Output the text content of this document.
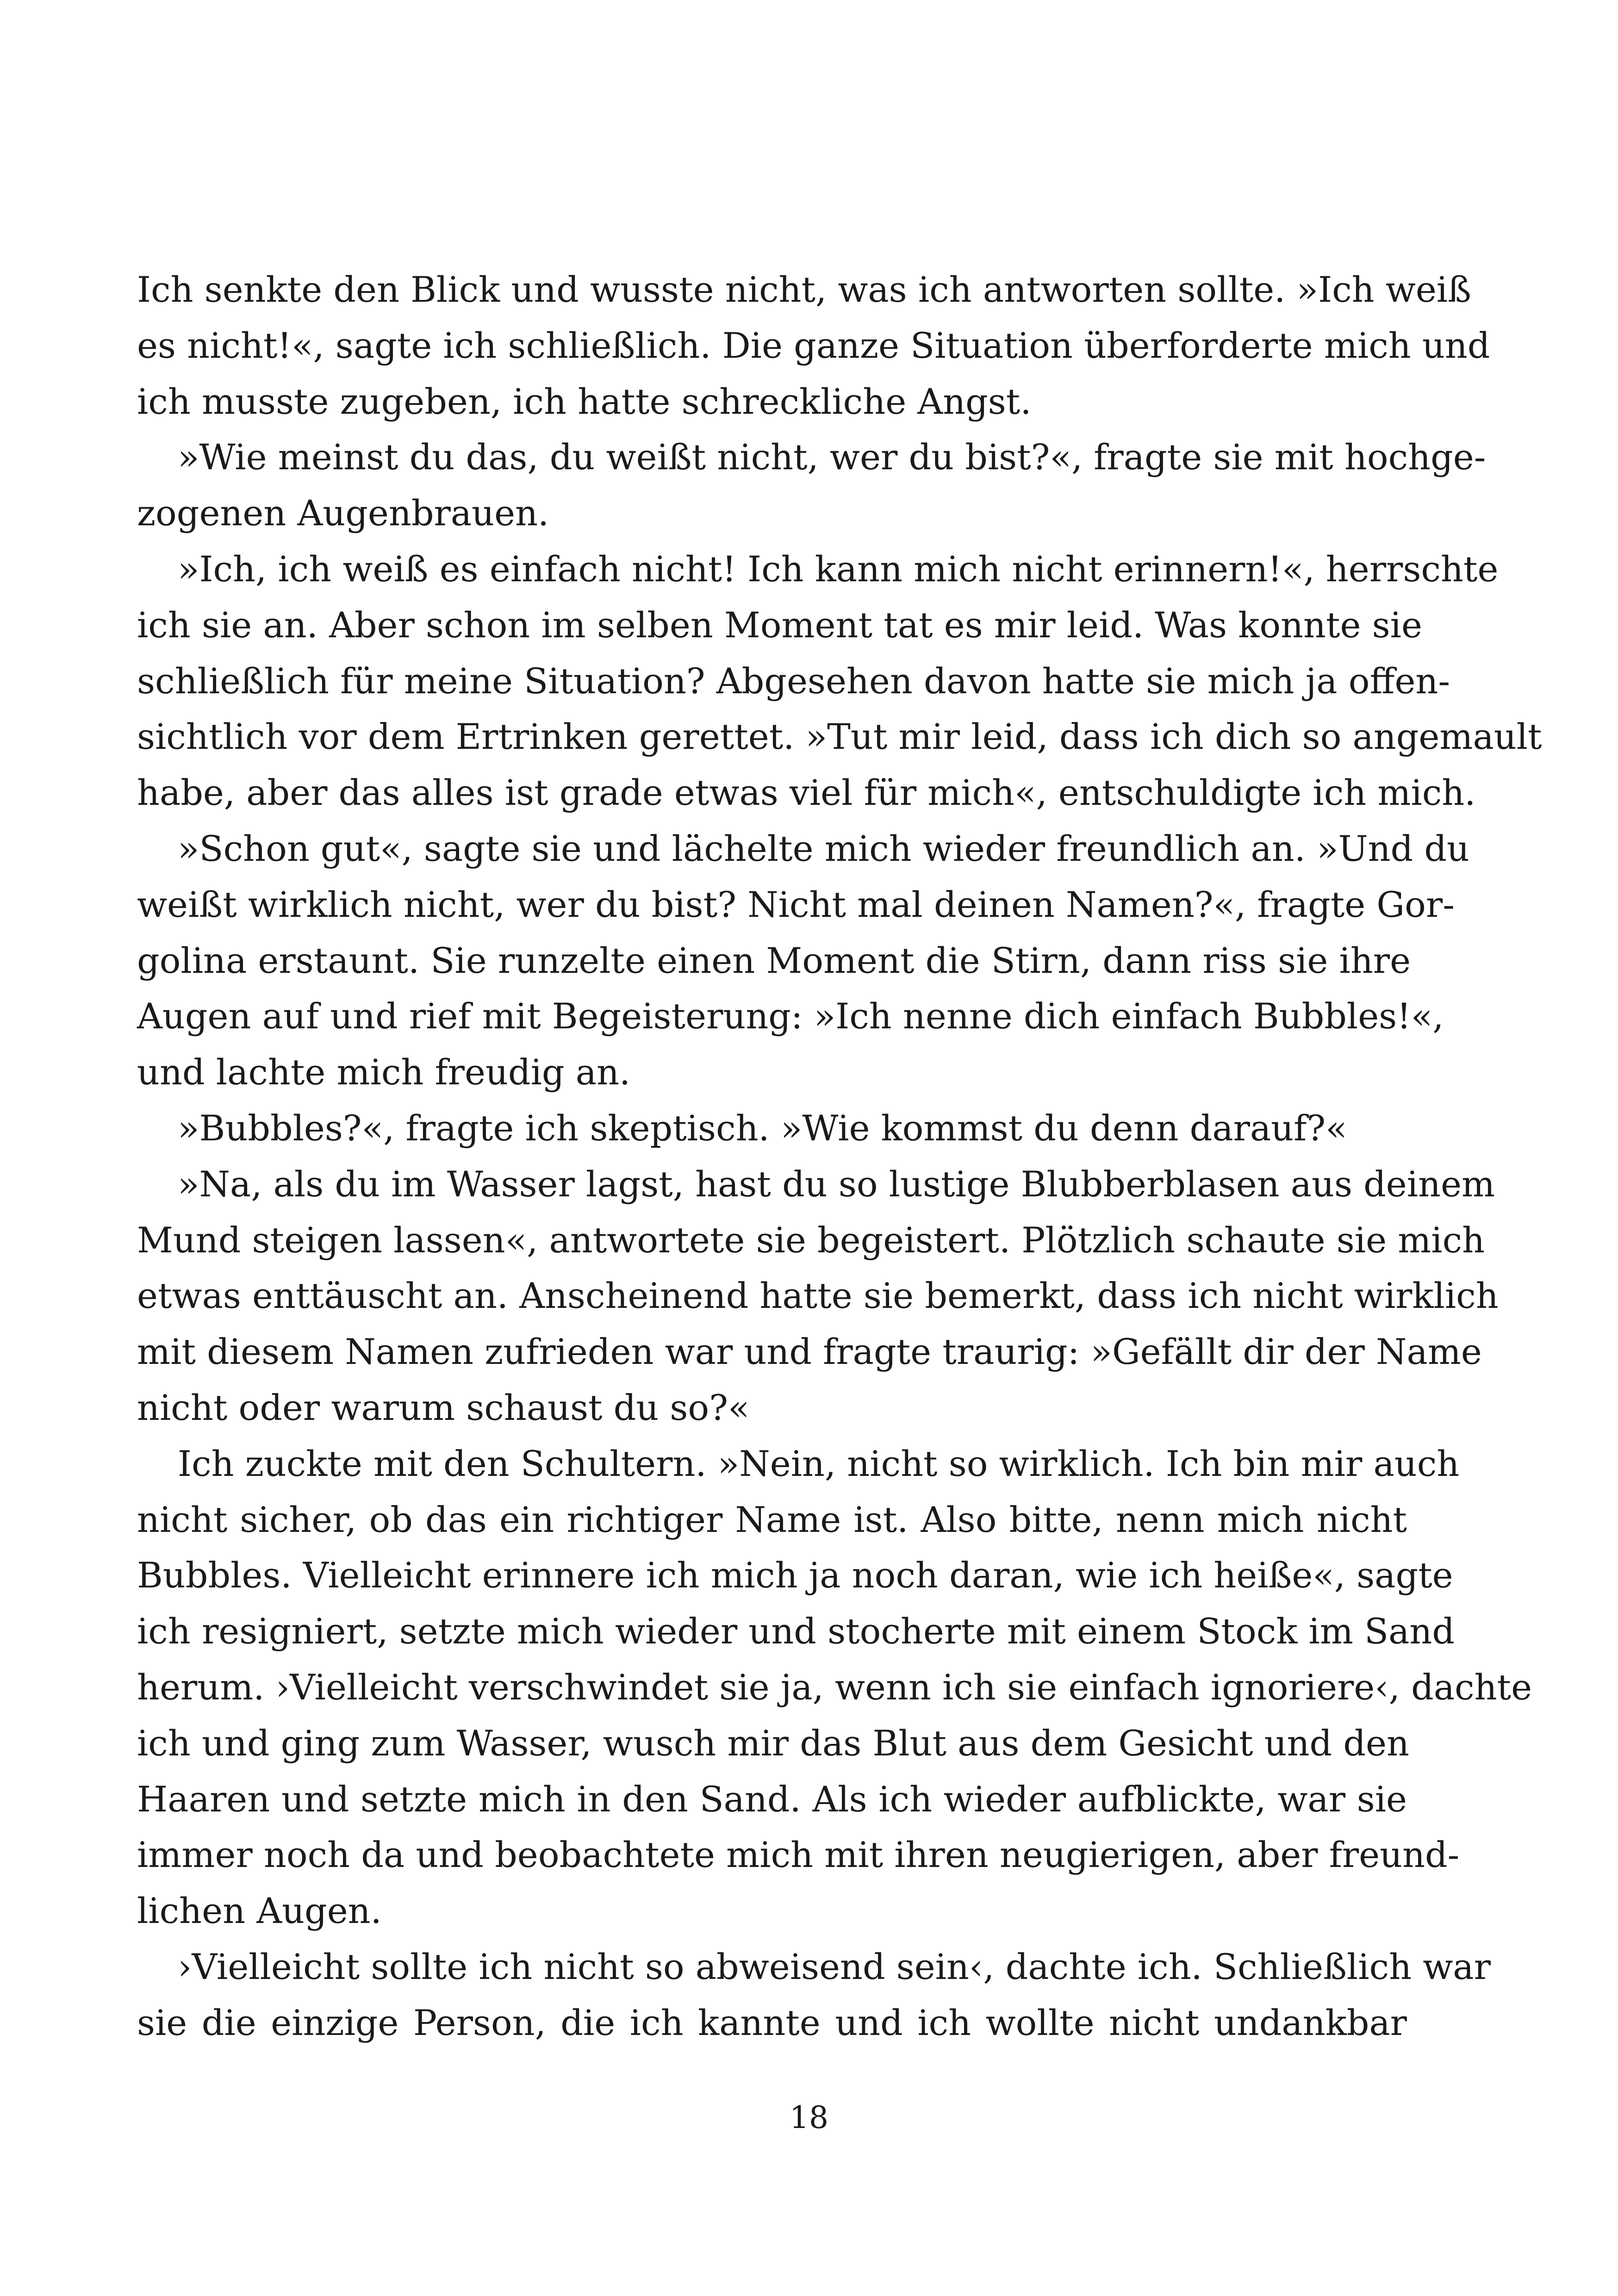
Ich senkte den Blick und wusste nicht, was ich antworten sollte. »Ich weiß
es nicht!«, sagte ich schließlich. Die ganze Situation überforderte mich und
ich musste zugeben, ich hatte schreckliche Angst.
»Wie meinst du das, du weißt nicht, wer du bist?«, fragte sie mit hochge-
zogenen Augenbrauen.
»Ich, ich weiß es einfach nicht! Ich kann mich nicht erinnern!«, herrschte
ich sie an. Aber schon im selben Moment tat es mir leid. Was konnte sie
schließlich für meine Situation? Abgesehen davon hatte sie mich ja offen-
sichtlich vor dem Ertrinken gerettet. »Tut mir leid, dass ich dich so angemault
habe, aber das alles ist grade etwas viel für mich«, entschuldigte ich mich.
»Schon gut«, sagte sie und lächelte mich wieder freundlich an. »Und du
weißt wirklich nicht, wer du bist? Nicht mal deinen Namen?«, fragte Gor-
golina erstaunt. Sie runzelte einen Moment die Stirn, dann riss sie ihre
Augen auf und rief mit Begeisterung: »Ich nenne dich einfach Bubbles!«,
und lachte mich freudig an.
»Bubbles?«, fragte ich skeptisch. »Wie kommst du denn darauf?«
»Na, als du im Wasser lagst, hast du so lustige Blubberblasen aus deinem
Mund steigen lassen«, antwortete sie begeistert. Plötzlich schaute sie mich
etwas enttäuscht an. Anscheinend hatte sie bemerkt, dass ich nicht wirklich
mit diesem Namen zufrieden war und fragte traurig: »Gefällt dir der Name
nicht oder warum schaust du so?«
Ich zuckte mit den Schultern. »Nein, nicht so wirklich. Ich bin mir auch
nicht sicher, ob das ein richtiger Name ist. Also bitte, nenn mich nicht
Bubbles. Vielleicht erinnere ich mich ja noch daran, wie ich heiße«, sagte
ich resigniert, setzte mich wieder und stocherte mit einem Stock im Sand
herum. ›Vielleicht verschwindet sie ja, wenn ich sie einfach ignoriere‹, dachte
ich und ging zum Wasser, wusch mir das Blut aus dem Gesicht und den
Haaren und setzte mich in den Sand. Als ich wieder aufblickte, war sie
immer noch da und beobachtete mich mit ihren neugierigen, aber freund-
lichen Augen.
›Vielleicht sollte ich nicht so abweisend sein‹, dachte ich. Schließlich war
sie die einzige Person, die ich kannte und ich wollte nicht undankbar
18
